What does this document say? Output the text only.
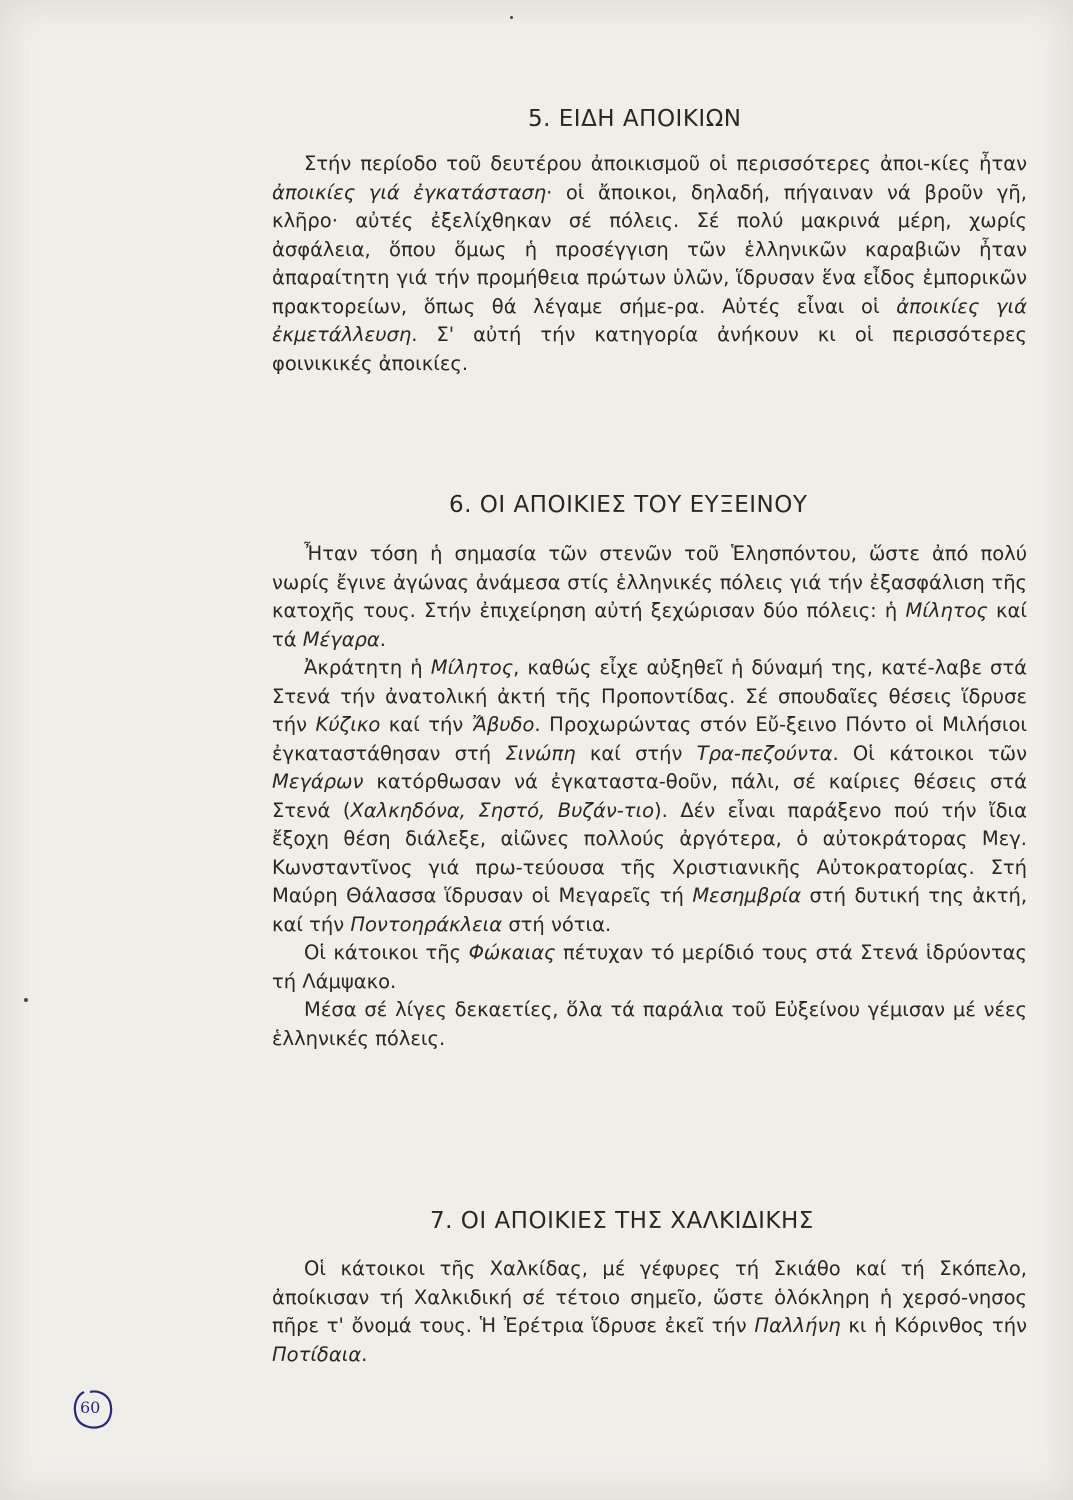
5. ΕΙΔΗ ΑΠΟΙΚΙΩΝ

Στήν περίοδο τοῦ δευτέρου ἀποικισμοῦ οἱ περισσότερες ἀποι-κίες ἦταν ἀποικίες γιά ἐγκατάσταση· οἱ ἄποικοι, δηλαδή, πήγαιναν νά βροῦν γῆ, κλῆρο· αὐτές ἐξελίχθηκαν σέ πόλεις. Σέ πολύ μακρινά μέρη, χωρίς ἀσφάλεια, ὅπου ὅμως ἡ προσέγγιση τῶν ἑλληνικῶν καραβιῶν ἦταν ἀπαραίτητη γιά τήν προμήθεια πρώτων ὑλῶν, ἵδρυσαν ἕνα εἶδος ἐμπορικῶν πρακτορείων, ὅπως θά λέγαμε σήμε-ρα. Αὐτές εἶναι οἱ ἀποικίες γιά ἐκμετάλλευση. Σ' αὐτή τήν κατηγορία ἀνήκουν κι οἱ περισσότερες φοινικικές ἀποικίες.

6. ΟΙ ΑΠΟΙΚΙΕΣ ΤΟΥ ΕΥΞΕΙΝΟΥ

Ἦταν τόση ἡ σημασία τῶν στενῶν τοῦ Ἑλησπόντου, ὥστε ἀπό πολύ νωρίς ἔγινε ἀγώνας ἀνάμεσα στίς ἑλληνικές πόλεις γιά τήν ἐξασφάλιση τῆς κατοχῆς τους. Στήν ἐπιχείρηση αὐτή ξεχώρισαν δύο πόλεις: ἡ Μίλητος καί τά Μέγαρα.

Ἀκράτητη ἡ Μίλητος, καθώς εἶχε αὐξηθεῖ ἡ δύναμή της, κατέ-λαβε στά Στενά τήν ἀνατολική ἀκτή τῆς Προποντίδας. Σέ σπουδαῖες θέσεις ἵδρυσε τήν Κύζικο καί τήν Ἄβυδο. Προχωρώντας στόν Εὔ-ξεινο Πόντο οἱ Μιλήσιοι ἐγκαταστάθησαν στή Σινώπη καί στήν Τρα-πεζούντα. Οἱ κάτοικοι τῶν Μεγάρων κατόρθωσαν νά ἐγκαταστα-θοῦν, πάλι, σέ καίριες θέσεις στά Στενά (Χαλκηδόνα, Σηστό, Βυζάν-τιο). Δέν εἶναι παράξενο πού τήν ἴδια ἔξοχη θέση διάλεξε, αἰῶνες πολλούς ἀργότερα, ὁ αὐτοκράτορας Μεγ. Κωνσταντῖνος γιά πρω-τεύουσα τῆς Χριστιανικῆς Αὐτοκρατορίας. Στή Μαύρη Θάλασσα ἵδρυσαν οἱ Μεγαρεῖς τή Μεσημβρία στή δυτική της ἀκτή, καί τήν Ποντοηράκλεια στή νότια.

Οἱ κάτοικοι τῆς Φώκαιας πέτυχαν τό μερίδιό τους στά Στενά ἱδρύοντας τή Λάμψακο.

Μέσα σέ λίγες δεκαετίες, ὅλα τά παράλια τοῦ Εὐξείνου γέμισαν μέ νέες ἑλληνικές πόλεις.

7. ΟΙ ΑΠΟΙΚΙΕΣ ΤΗΣ ΧΑΛΚΙΔΙΚΗΣ

Οἱ κάτοικοι τῆς Χαλκίδας, μέ γέφυρες τή Σκιάθο καί τή Σκόπελο, ἀποίκισαν τή Χαλκιδική σέ τέτοιο σημεῖο, ὥστε ὁλόκληρη ἡ χερσό-νησος πῆρε τ' ὄνομά τους. Ἡ Ἐρέτρια ἵδρυσε ἐκεῖ τήν Παλλήνη κι ἡ Κόρινθος τήν Ποτίδαια.

60
